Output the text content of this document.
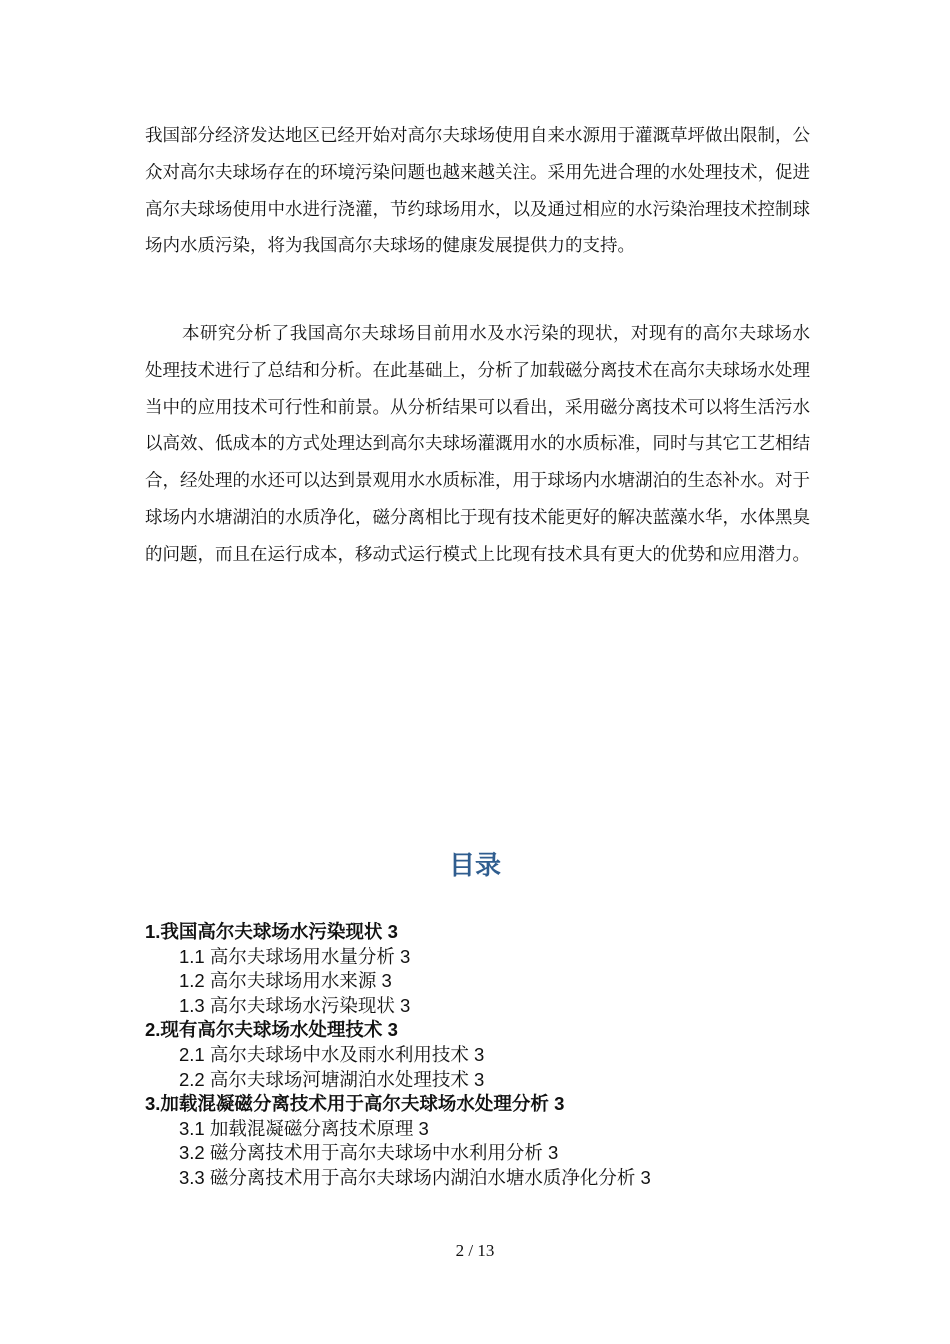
我国部分经济发达地区已经开始对高尔夫球场使用自来水源用于灌溉草坪做出限制，公众对高尔夫球场存在的环境污染问题也越来越关注。采用先进合理的水处理技术，促进高尔夫球场使用中水进行浇灌，节约球场用水，以及通过相应的水污染治理技术控制球场内水质污染，将为我国高尔夫球场的健康发展提供力的支持。

本研究分析了我国高尔夫球场目前用水及水污染的现状，对现有的高尔夫球场水处理技术进行了总结和分析。在此基础上，分析了加载磁分离技术在高尔夫球场水处理当中的应用技术可行性和前景。从分析结果可以看出，采用磁分离技术可以将生活污水以高效、低成本的方式处理达到高尔夫球场灌溉用水的水质标准，同时与其它工艺相结合，经处理的水还可以达到景观用水水质标准，用于球场内水塘湖泊的生态补水。对于球场内水塘湖泊的水质净化，磁分离相比于现有技术能更好的解决蓝藻水华，水体黑臭的问题，而且在运行成本，移动式运行模式上比现有技术具有更大的优势和应用潜力。

目录
1.我国高尔夫球场水污染现状 3
1.1 高尔夫球场用水量分析 3
1.2 高尔夫球场用水来源 3
1.3 高尔夫球场水污染现状 3
2.现有高尔夫球场水处理技术 3
2.1 高尔夫球场中水及雨水利用技术 3
2.2 高尔夫球场河塘湖泊水处理技术 3
3.加载混凝磁分离技术用于高尔夫球场水处理分析 3
3.1 加载混凝磁分离技术原理 3
3.2 磁分离技术用于高尔夫球场中水利用分析 3
3.3 磁分离技术用于高尔夫球场内湖泊水塘水质净化分析 3
2 / 13
